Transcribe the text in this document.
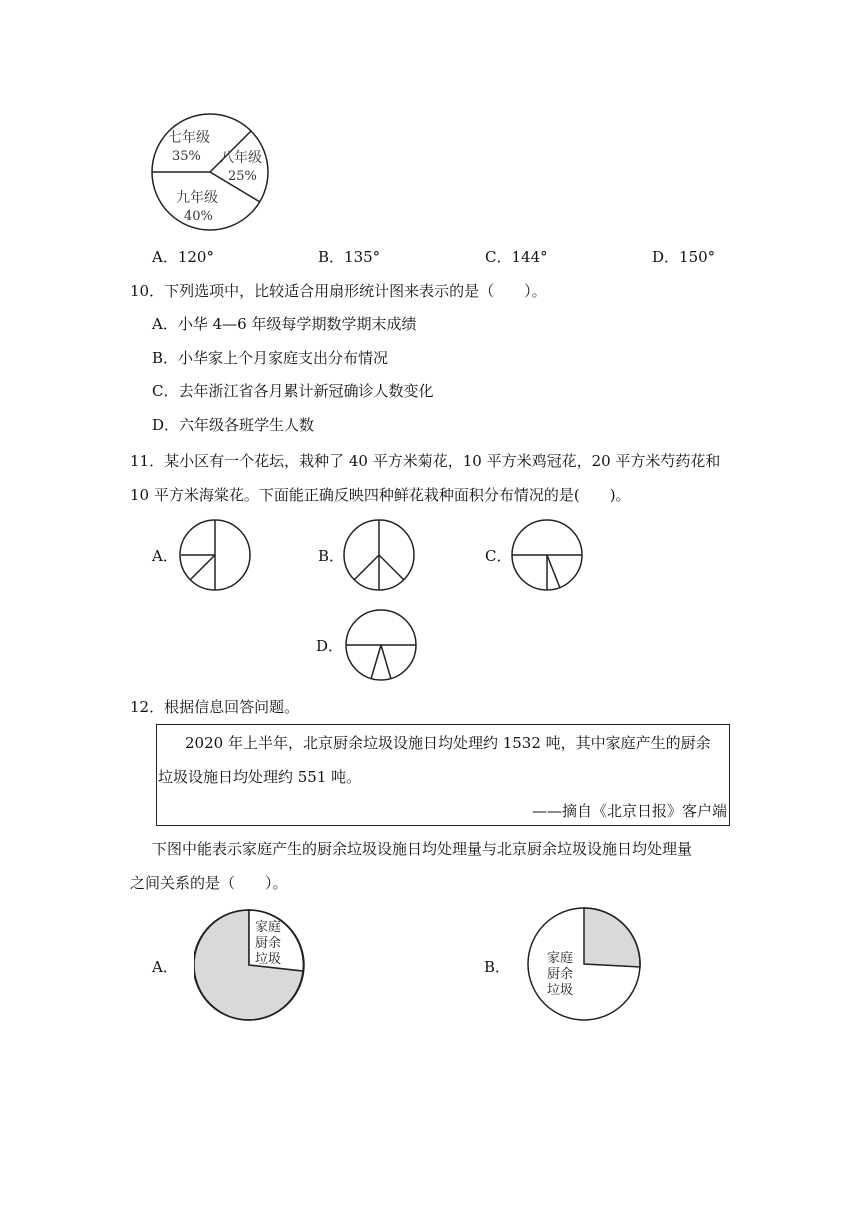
七年级
35% 八年级
25%
九年级
40%
A．120°	B．135°	C．144°	D．150°
10．下列选项中，比较适合用扇形统计图来表示的是（　　）。
A．小华 4—6 年级每学期数学期末成绩
B．小华家上个月家庭支出分布情况
C．去年浙江省各月累计新冠确诊人数变化
D．六年级各班学生人数
11．某小区有一个花坛，栽种了 40 平方米菊花，10 平方米鸡冠花，20 平方米芍药花和
10 平方米海棠花。下面能正确反映四种鲜花栽种面积分布情况的是(　　)。
A．	B．	C．
D．
12．根据信息回答问题。
2020 年上半年，北京厨余垃圾设施日均处理约 1532 吨，其中家庭产生的厨余
垃圾设施日均处理约 551 吨。
——摘自《北京日报》客户端
下图中能表示家庭产生的厨余垃圾设施日均处理量与北京厨余垃圾设施日均处理量
之间关系的是（　　）。
A．
家庭
厨余
垃圾	B．	家庭
厨余
垃圾
